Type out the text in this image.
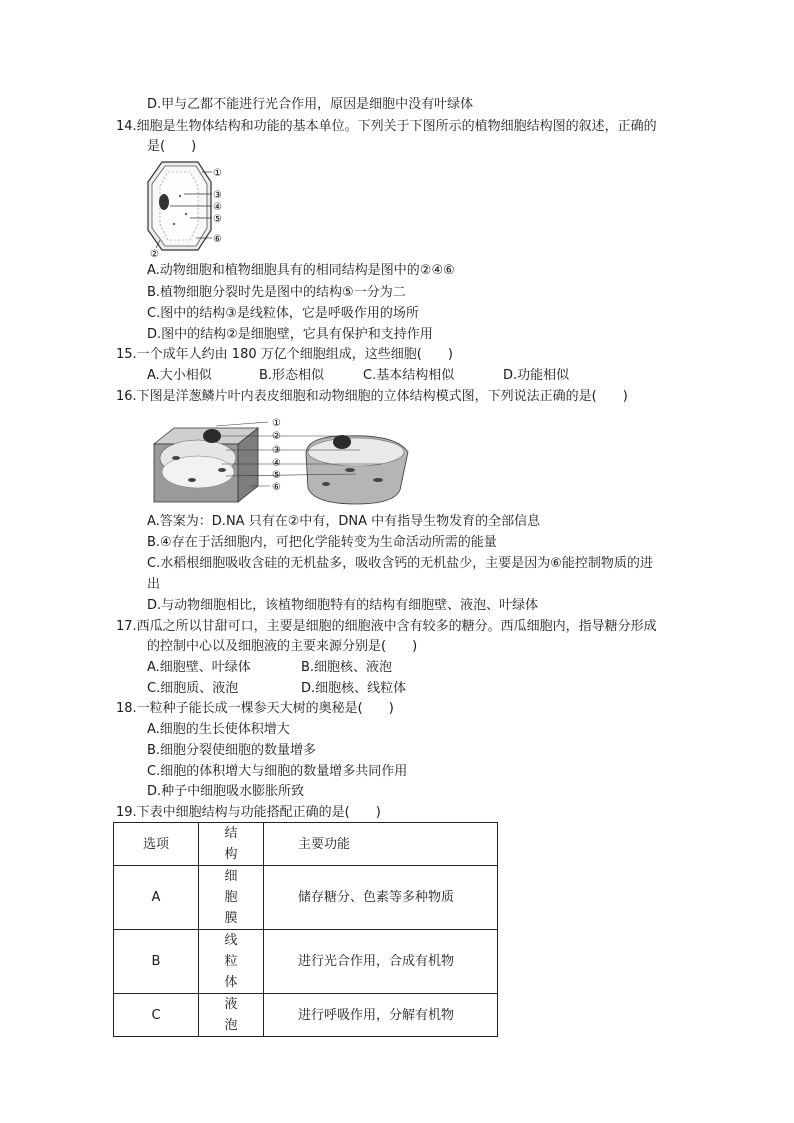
D.甲与乙都不能进行光合作用，原因是细胞中没有叶绿体
14.细胞是生物体结构和功能的基本单位。下列关于下图所示的植物细胞结构图的叙述，正确的
是(　　)
①
③
④
⑤
⑥
②
A.动物细胞和植物细胞具有的相同结构是图中的②④⑥
B.植物细胞分裂时先是图中的结构⑤一分为二
C.图中的结构③是线粒体，它是呼吸作用的场所
D.图中的结构②是细胞壁，它具有保护和支持作用
15.一个成年人约由 180 万亿个细胞组成，这些细胞(　　)
A.大小相似	B.形态相似	C.基本结构相似	D.功能相似
16.下图是洋葱鳞片叶内表皮细胞和动物细胞的立体结构模式图，下列说法正确的是(　　)
①
②
③
④
⑤
⑥
A.答案为：D.NA 只有在②中有，DNA 中有指导生物发育的全部信息
B.④存在于活细胞内，可把化学能转变为生命活动所需的能量
C.水稻根细胞吸收含硅的无机盐多，吸收含钙的无机盐少，主要是因为⑥能控制物质的进
出
D.与动物细胞相比，该植物细胞特有的结构有细胞壁、液泡、叶绿体
17.西瓜之所以甘甜可口，主要是细胞的细胞液中含有较多的糖分。西瓜细胞内，指导糖分形成
的控制中心以及细胞液的主要来源分别是(　　)
A.细胞壁、叶绿体	B.细胞核、液泡
C.细胞质、液泡	D.细胞核、线粒体
18.一粒种子能长成一棵参天大树的奥秘是(　　)
A.细胞的生长使体积增大
B.细胞分裂使细胞的数量增多
C.细胞的体积增大与细胞的数量增多共同作用
D.种子中细胞吸水膨胀所致
19.下表中细胞结构与功能搭配正确的是(　　)
选项	结构	主要功能
A	细胞膜	储存糖分、色素等多种物质
B	线粒体	进行光合作用，合成有机物
C	液泡	进行呼吸作用，分解有机物
